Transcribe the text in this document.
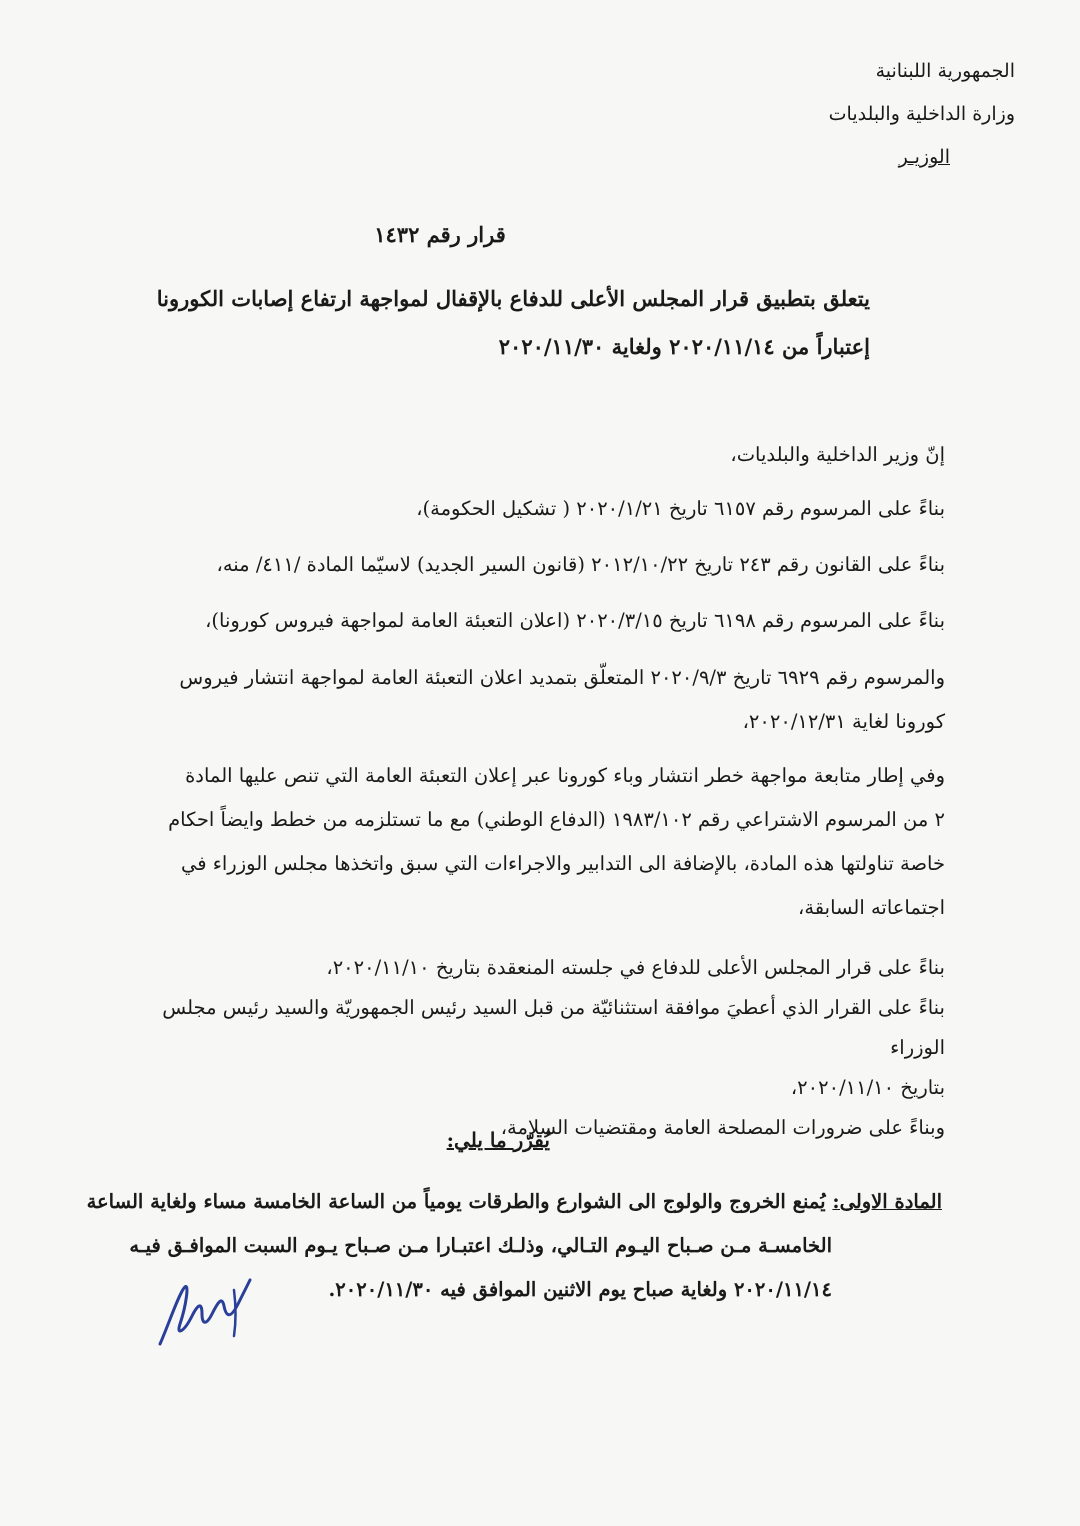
الجمهورية اللبنانية
وزارة الداخلية والبلديات
الوزيـر
قرار رقم ١٤٣٢
يتعلق بتطبيق قرار المجلس الأعلى للدفاع بالإقفال لمواجهة ارتفاع إصابات الكورونا
إعتباراً من ٢٠٢٠/١١/١٤ ولغاية ٢٠٢٠/١١/٣٠

إنّ وزير الداخلية والبلديات،

بناءً على المرسوم رقم ٦١٥٧ تاريخ ٢٠٢٠/١/٢١ ( تشكيل الحكومة)،

بناءً على القانون رقم ٢٤٣ تاريخ ٢٠١٢/١٠/٢٢ (قانون السير الجديد) لاسيّما المادة /٤١١/ منه،

بناءً على المرسوم رقم ٦١٩٨ تاريخ ٢٠٢٠/٣/١٥ (اعلان التعبئة العامة لمواجهة فيروس كورونا)،

والمرسوم رقم ٦٩٢٩ تاريخ ٢٠٢٠/٩/٣ المتعلّق بتمديد اعلان التعبئة العامة لمواجهة انتشار فيروس
كورونا لغاية ٢٠٢٠/١٢/٣١،
وفي إطار متابعة مواجهة خطر انتشار وباء كورونا عبر إعلان التعبئة العامة التي تنص عليها المادة
٢ من المرسوم الاشتراعي رقم ١٩٨٣/١٠٢ (الدفاع الوطني) مع ما تستلزمه من خطط وايضاً احكام
خاصة تناولتها هذه المادة، بالإضافة الى التدابير والاجراءات التي سبق واتخذها مجلس الوزراء في
اجتماعاته السابقة،
بناءً على قرار المجلس الأعلى للدفاع في جلسته المنعقدة بتاريخ ٢٠٢٠/١١/١٠،
بناءً على القرار الذي أعطيَ موافقة استثنائيّة من قبل السيد رئيس الجمهوريّة والسيد رئيس مجلس الوزراء
بتاريخ ٢٠٢٠/١١/١٠،
وبناءً على ضرورات المصلحة العامة ومقتضيات السلامة،
يُقرّر ما يلي:
المادة الاولى: يُمنع الخروج والولوج الى الشوارع والطرقات يومياً من الساعة الخامسة مساء ولغاية الساعة
الخامسـة مـن صـباح اليـوم التـالي، وذلـك اعتبـارا مـن صـباح يـوم السبت الموافـق فيـه
٢٠٢٠/١١/١٤ ولغاية صباح يوم الاثنين الموافق فيه ٢٠٢٠/١١/٣٠.
